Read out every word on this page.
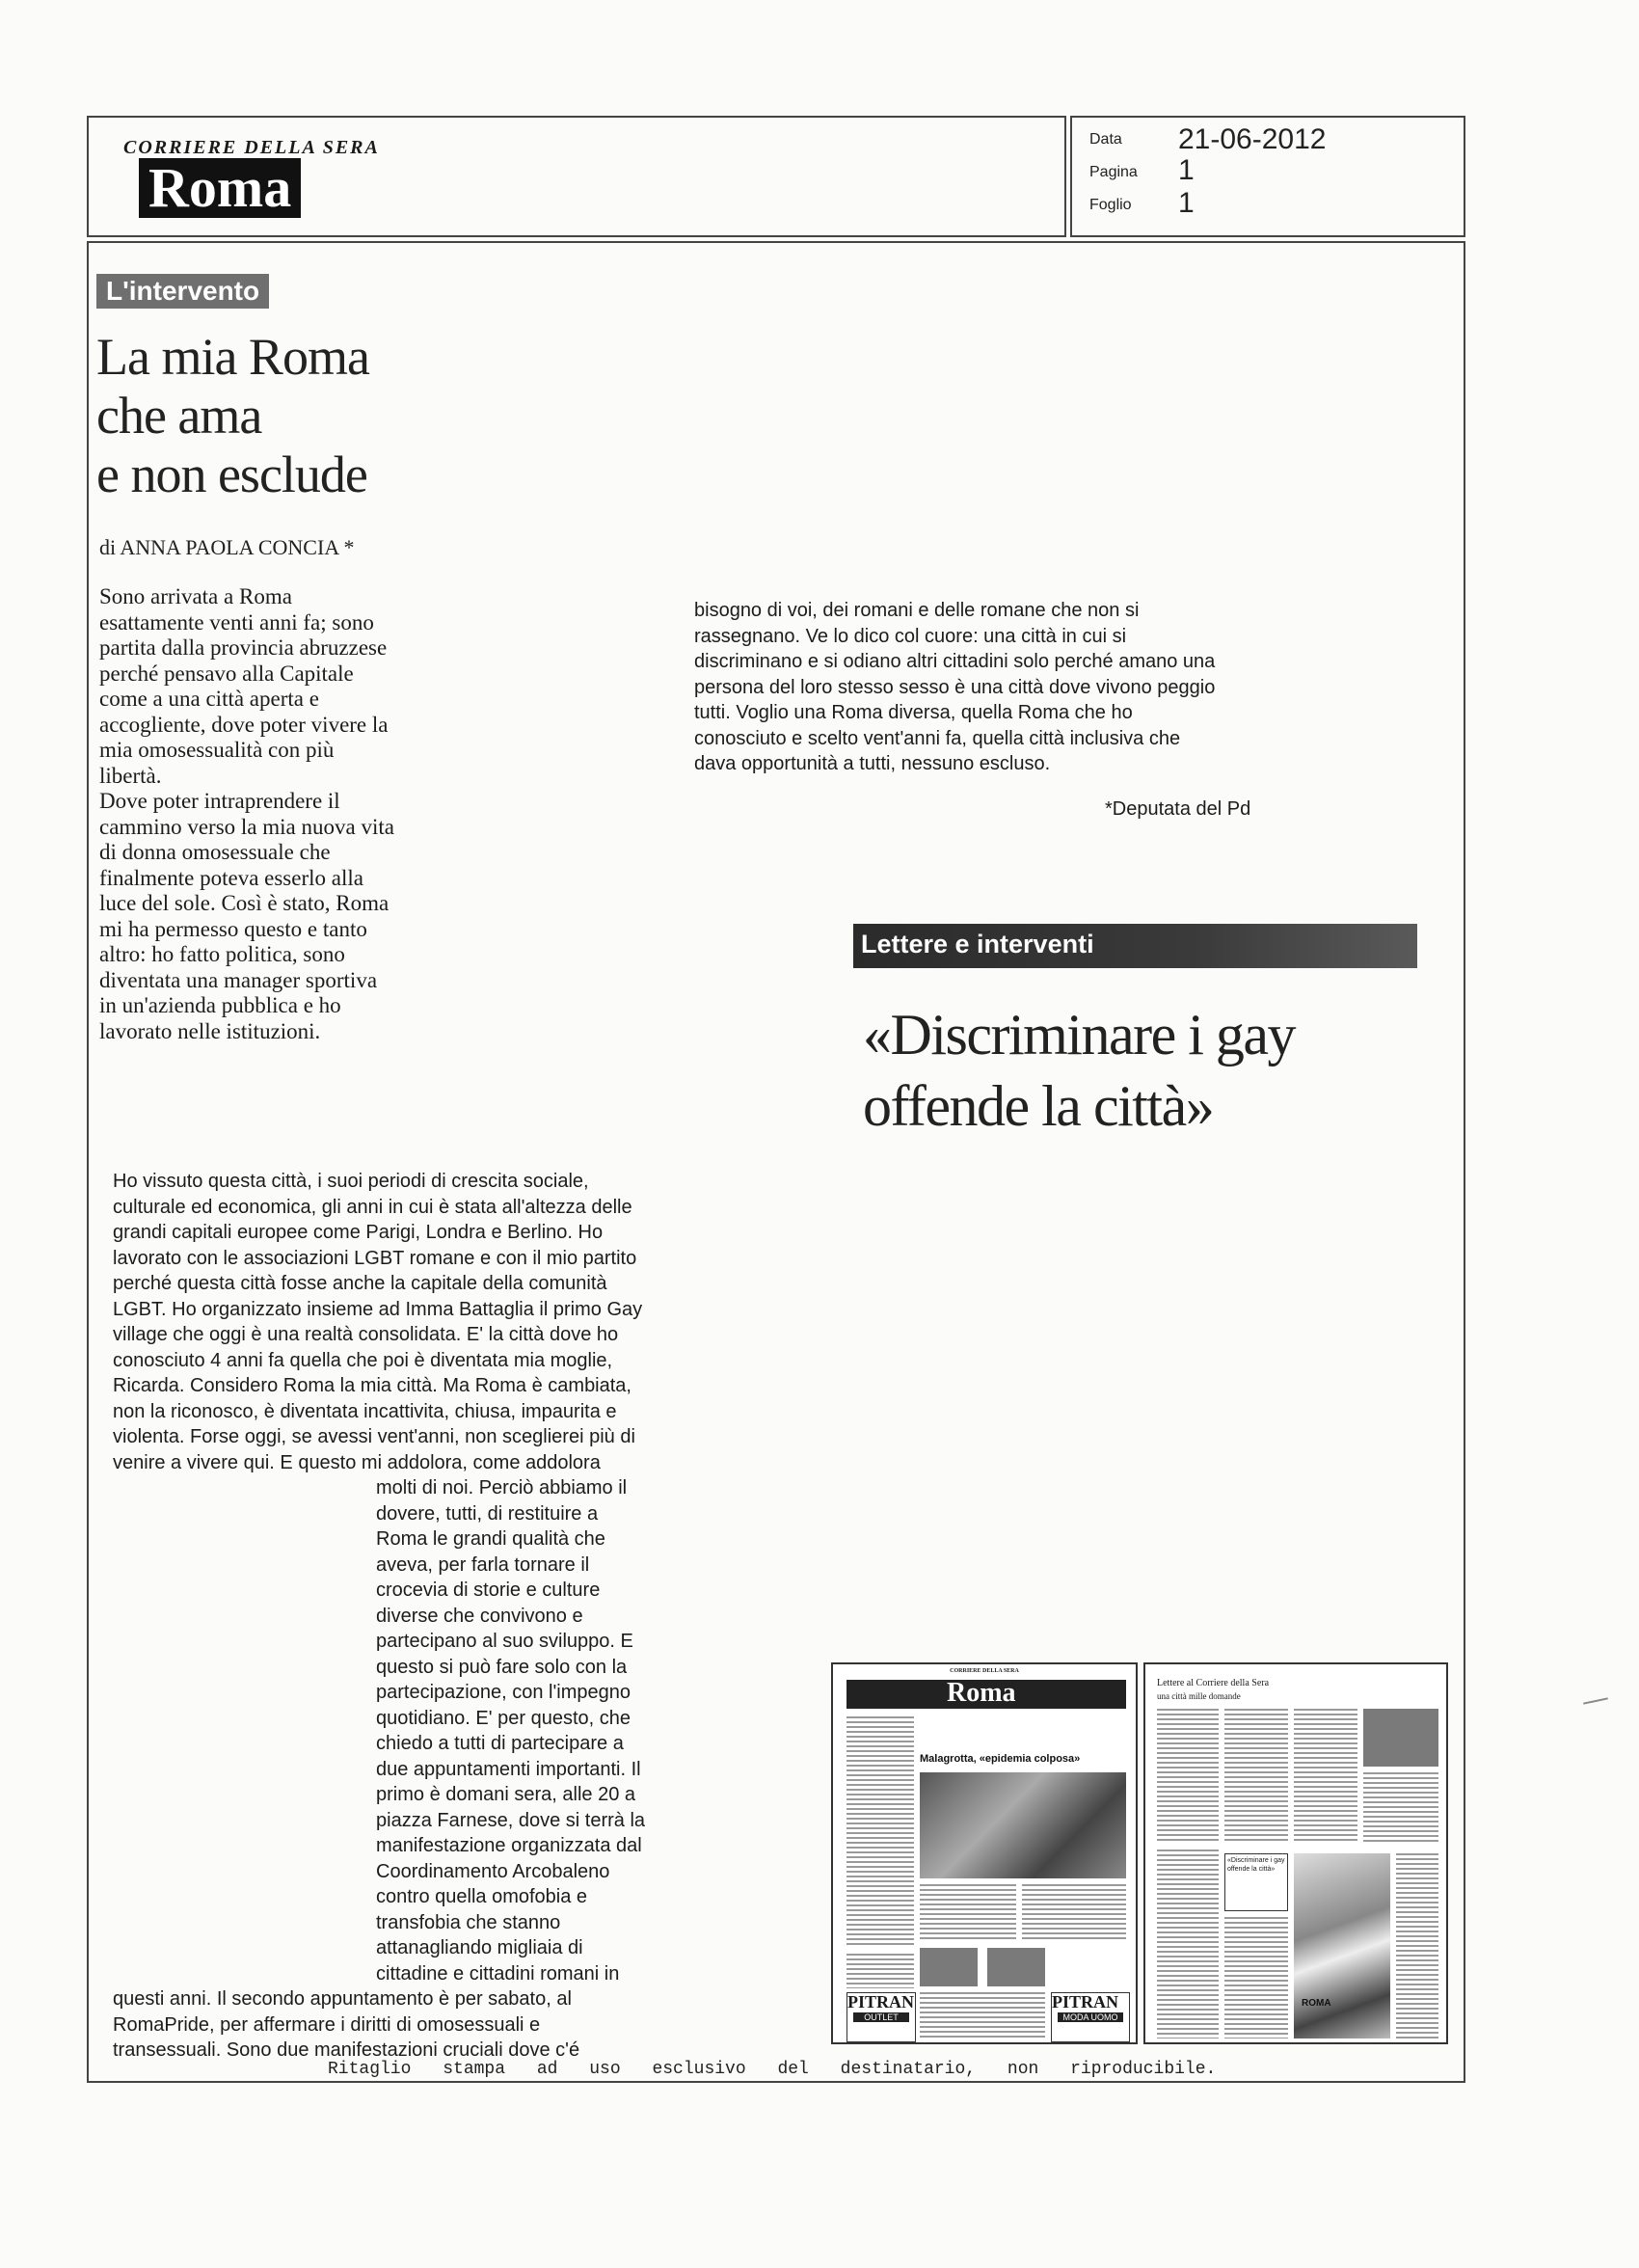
CORRIERE DELLA SERA
Roma
Data 21-06-2012
Pagina 1
Foglio 1
L'intervento
La mia Roma
che ama
e non esclude
di ANNA PAOLA CONCIA *
Sono arrivata a Roma
esattamente venti anni fa; sono
partita dalla provincia abruzzese
perché pensavo alla Capitale
come a una città aperta e
accogliente, dove poter vivere la
mia omosessualità con più
libertà.
Dove poter intraprendere il
cammino verso la mia nuova vita
di donna omosessuale che
finalmente poteva esserlo alla
luce del sole. Così è stato, Roma
mi ha permesso questo e tanto
altro: ho fatto politica, sono
diventata una manager sportiva
in un'azienda pubblica e ho
lavorato nelle istituzioni.
Ho vissuto questa città, i suoi periodi di crescita sociale,
culturale ed economica, gli anni in cui è stata all'altezza delle
grandi capitali europee come Parigi, Londra e Berlino. Ho
lavorato con le associazioni LGBT romane e con il mio partito
perché questa città fosse anche la capitale della comunità
LGBT. Ho organizzato insieme ad Imma Battaglia il primo Gay
village che oggi è una realtà consolidata. E' la città dove ho
conosciuto 4 anni fa quella che poi è diventata mia moglie,
Ricarda. Considero Roma la mia città. Ma Roma è cambiata,
non la riconosco, è diventata incattivita, chiusa, impaurita e
violenta. Forse oggi, se avessi vent'anni, non sceglierei più di
venire a vivere qui. E questo mi addolora, come addolora
molti di noi. Perciò abbiamo il
dovere, tutti, di restituire a
Roma le grandi qualità che
aveva, per farla tornare il
crocevia di storie e culture
diverse che convivono e
partecipano al suo sviluppo. E
questo si può fare solo con la
partecipazione, con l'impegno
quotidiano. E' per questo, che
chiedo a tutti di partecipare a
due appuntamenti importanti. Il
primo è domani sera, alle 20 a
piazza Farnese, dove si terrà la
manifestazione organizzata dal
Coordinamento Arcobaleno
contro quella omofobia e
transfobia che stanno
attanagliando migliaia di
cittadine e cittadini romani in
questi anni. Il secondo appuntamento è per sabato, al
RomaPride, per affermare i diritti di omosessuali e
transessuali. Sono due manifestazioni cruciali dove c'é
bisogno di voi, dei romani e delle romane che non si
rassegnano. Ve lo dico col cuore: una città in cui si
discriminano e si odiano altri cittadini solo perché amano una
persona del loro stesso sesso è una città dove vivono peggio
tutti. Voglio una Roma diversa, quella Roma che ho
conosciuto e scelto vent'anni fa, quella città inclusiva che
dava opportunità a tutti, nessuno escluso.
*Deputata del Pd
Lettere e interventi
«Discriminare i gay
offende la città»
CORRIERE DELLA SERA
Roma
Malagrotta, «epidemia colposa»
PITRAN
OUTLET
PITRAN
MODA UOMO
Lettere al Corriere della Sera
una città mille domande
«Discriminare i gay offende la città»
ROMA
Ritaglio stampa ad uso esclusivo del destinatario, non riproducibile.
